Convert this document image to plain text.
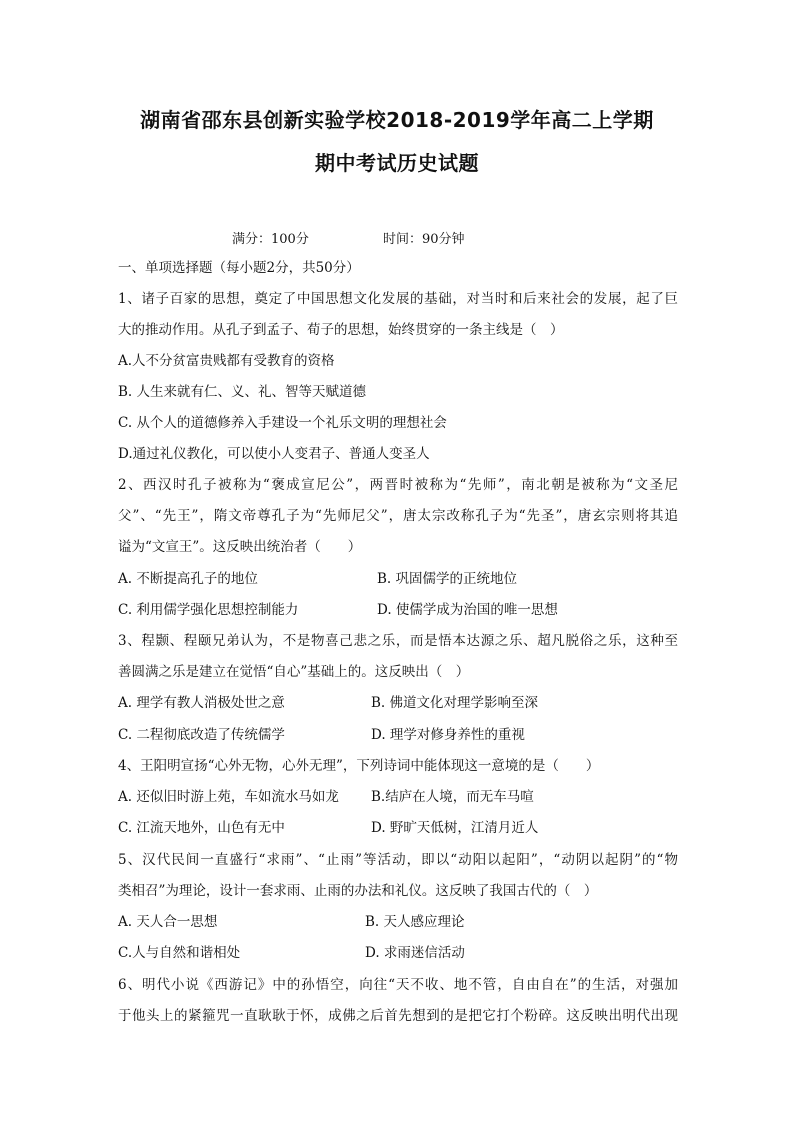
湖南省邵东县创新实验学校2018-2019学年高二上学期
期中考试历史试题
满分：100分	时间：90分钟
一、单项选择题（每小题2分，共50分）
1、诸子百家的思想，奠定了中国思想文化发展的基础，对当时和后来社会的发展，起了巨
大的推动作用。从孔子到孟子、荀子的思想，始终贯穿的一条主线是（　）
A.人不分贫富贵贱都有受教育的资格
B. 人生来就有仁、义、礼、智等天赋道德
C. 从个人的道德修养入手建设一个礼乐文明的理想社会
D.通过礼仪教化，可以使小人变君子、普通人变圣人
2、西汉时孔子被称为“褒成宣尼公”，两晋时被称为“先师”，南北朝是被称为“文圣尼
父”、“先王”，隋文帝尊孔子为“先师尼父”，唐太宗改称孔子为“先圣”，唐玄宗则将其追
谥为“文宣王”。这反映出统治者（　　）
A. 不断提高孔子的地位	B. 巩固儒学的正统地位
C. 利用儒学强化思想控制能力	D. 使儒学成为治国的唯一思想
3、程颢、程颐兄弟认为，不是物喜己悲之乐，而是悟本达源之乐、超凡脱俗之乐，这种至
善圆满之乐是建立在觉悟“自心”基础上的。这反映出（　）
A. 理学有教人消极处世之意	B. 佛道文化对理学影响至深
C. 二程彻底改造了传统儒学	D. 理学对修身养性的重视
4、王阳明宣扬“心外无物，心外无理”，下列诗词中能体现这一意境的是（　　）
A. 还似旧时游上苑，车如流水马如龙 B.结庐在人境，而无车马喧
C. 江流天地外，山色有无中	D. 野旷天低树，江清月近人
5、汉代民间一直盛行“求雨”、“止雨”等活动，即以“动阳以起阳”，“动阴以起阴”的“物
类相召”为理论，设计一套求雨、止雨的办法和礼仪。这反映了我国古代的（　）
A. 天人合一思想	B. 天人感应理论
C.人与自然和谐相处	D. 求雨迷信活动
6、明代小说《西游记》中的孙悟空，向往“天不收、地不管，自由自在”的生活，对强加
于他头上的紧箍咒一直耿耿于怀，成佛之后首先想到的是把它打个粉碎。这反映出明代出现
